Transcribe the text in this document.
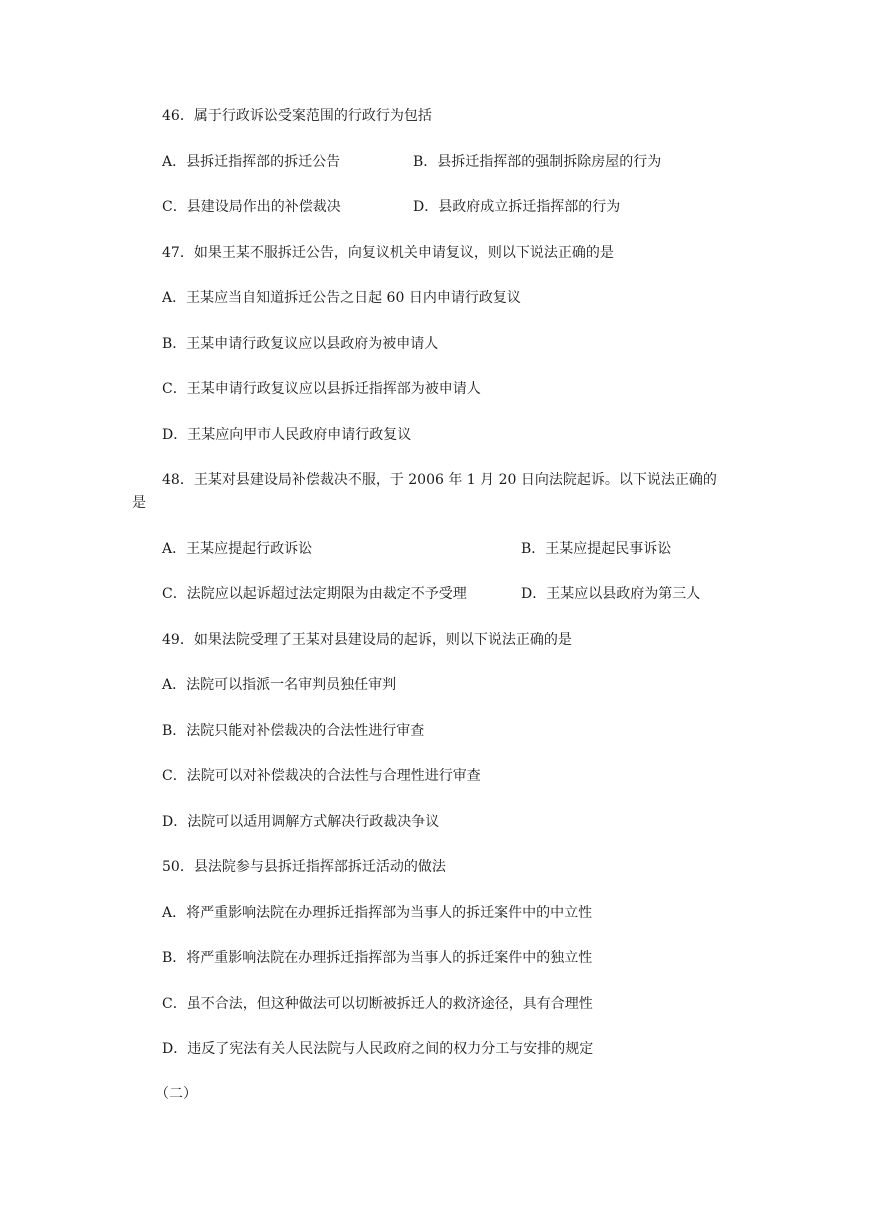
46．属于行政诉讼受案范围的行政行为包括
A．县拆迁指挥部的拆迁公告	B．县拆迁指挥部的强制拆除房屋的行为
C．县建设局作出的补偿裁决	D．县政府成立拆迁指挥部的行为
47．如果王某不服拆迁公告，向复议机关申请复议，则以下说法正确的是
A．王某应当自知道拆迁公告之日起 60 日内申请行政复议
B．王某申请行政复议应以县政府为被申请人
C．王某申请行政复议应以县拆迁指挥部为被申请人
D．王某应向甲市人民政府申请行政复议
48．王某对县建设局补偿裁决不服，于 2006 年 1 月 20 日向法院起诉。以下说法正确的
是
A．王某应提起行政诉讼	B．王某应提起民事诉讼
C．法院应以起诉超过法定期限为由裁定不予受理	D．王某应以县政府为第三人
49．如果法院受理了王某对县建设局的起诉，则以下说法正确的是
A．法院可以指派一名审判员独任审判
B．法院只能对补偿裁决的合法性进行审查
C．法院可以对补偿裁决的合法性与合理性进行审查
D．法院可以适用调解方式解决行政裁决争议
50．县法院参与县拆迁指挥部拆迁活动的做法
A．将严重影响法院在办理拆迁指挥部为当事人的拆迁案件中的中立性
B．将严重影响法院在办理拆迁指挥部为当事人的拆迁案件中的独立性
C．虽不合法，但这种做法可以切断被拆迁人的救济途径，具有合理性
D．违反了宪法有关人民法院与人民政府之间的权力分工与安排的规定
（二）
